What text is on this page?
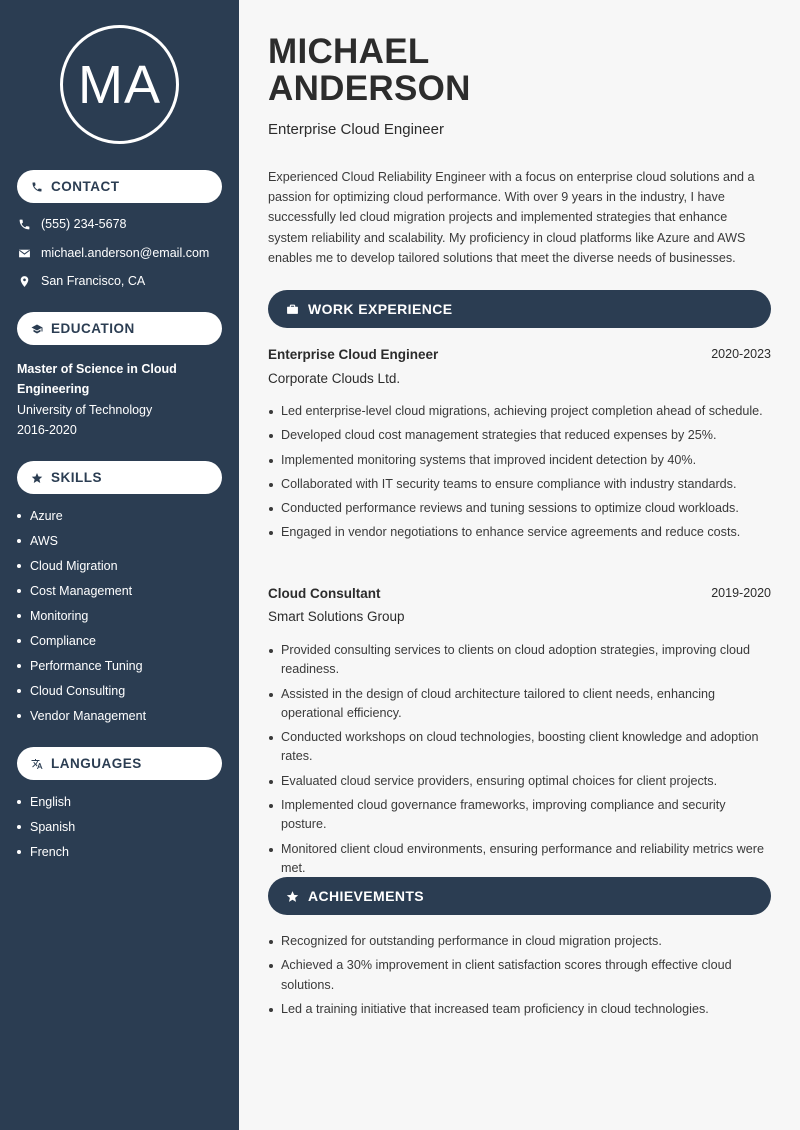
MA
CONTACT
(555) 234-5678
michael.anderson@email.com
San Francisco, CA
EDUCATION
Master of Science in Cloud Engineering
University of Technology
2016-2020
SKILLS
Azure
AWS
Cloud Migration
Cost Management
Monitoring
Compliance
Performance Tuning
Cloud Consulting
Vendor Management
LANGUAGES
English
Spanish
French
MICHAEL
ANDERSON
Enterprise Cloud Engineer

Experienced Cloud Reliability Engineer with a focus on enterprise cloud solutions and a passion for optimizing cloud performance. With over 9 years in the industry, I have successfully led cloud migration projects and implemented strategies that enhance system reliability and scalability. My proficiency in cloud platforms like Azure and AWS enables me to develop tailored solutions that meet the diverse needs of businesses.

WORK EXPERIENCE
Enterprise Cloud Engineer	2020-2023
Corporate Clouds Ltd.
Led enterprise-level cloud migrations, achieving project completion ahead of schedule.
Developed cloud cost management strategies that reduced expenses by 25%.
Implemented monitoring systems that improved incident detection by 40%.
Collaborated with IT security teams to ensure compliance with industry standards.
Conducted performance reviews and tuning sessions to optimize cloud workloads.
Engaged in vendor negotiations to enhance service agreements and reduce costs.
Cloud Consultant	2019-2020
Smart Solutions Group
Provided consulting services to clients on cloud adoption strategies, improving cloud readiness.
Assisted in the design of cloud architecture tailored to client needs, enhancing operational efficiency.
Conducted workshops on cloud technologies, boosting client knowledge and adoption rates.
Evaluated cloud service providers, ensuring optimal choices for client projects.
Implemented cloud governance frameworks, improving compliance and security posture.
Monitored client cloud environments, ensuring performance and reliability metrics were met.
ACHIEVEMENTS
Recognized for outstanding performance in cloud migration projects.
Achieved a 30% improvement in client satisfaction scores through effective cloud solutions.
Led a training initiative that increased team proficiency in cloud technologies.
